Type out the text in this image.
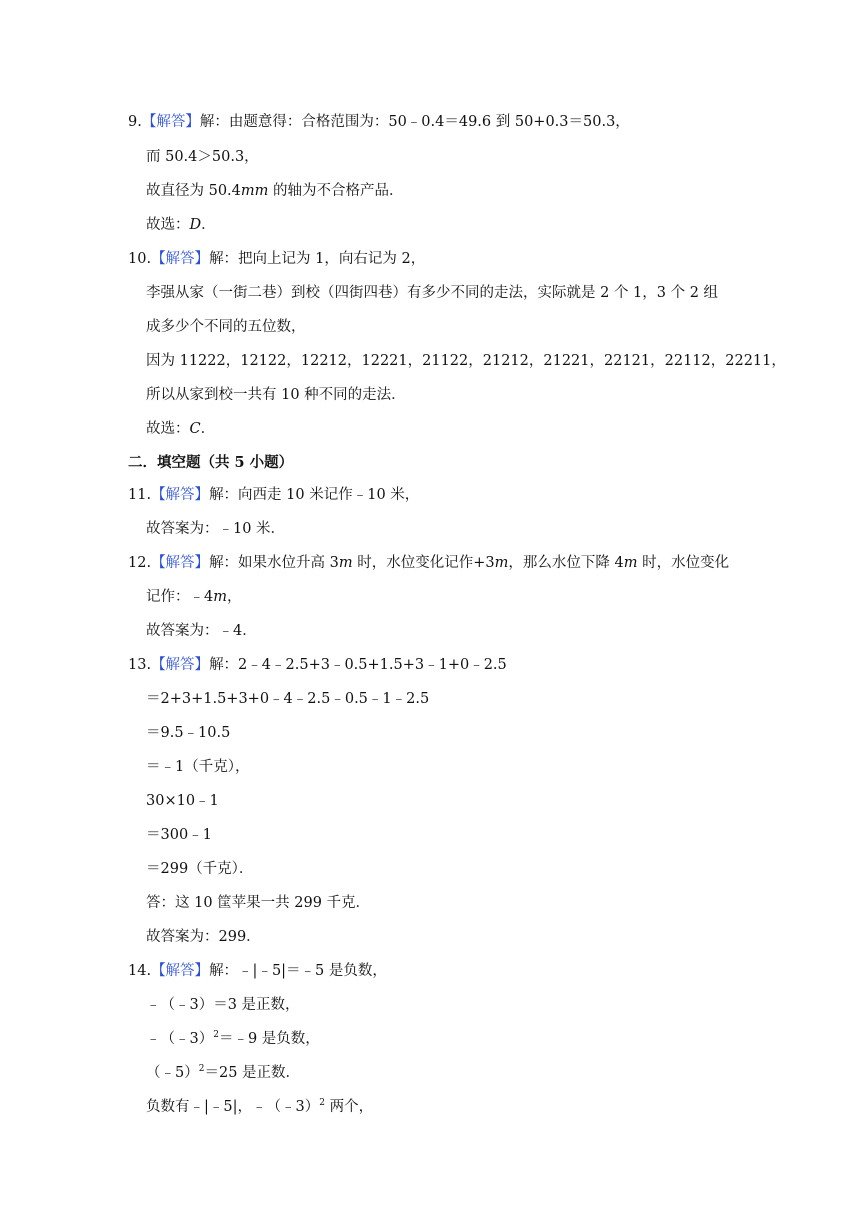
9.【解答】解：由题意得：合格范围为：50﹣0.4＝49.6 到 50+0.3＝50.3，
而 50.4＞50.3，
故直径为 50.4mm 的轴为不合格产品．
故选：D．
10.【解答】解：把向上记为 1，向右记为 2，
李强从家（一街二巷）到校（四街四巷）有多少不同的走法，实际就是 2 个 1，3 个 2 组
成多少个不同的五位数，
因为 11222，12122，12212，12221，21122，21212，21221，22121，22112，22211，
所以从家到校一共有 10 种不同的走法．
故选：C．
二．填空题（共 5 小题）
11.【解答】解：向西走 10 米记作﹣10 米，
故答案为：﹣10 米．
12.【解答】解：如果水位升高 3m 时，水位变化记作+3m，那么水位下降 4m 时，水位变化
记作：﹣4m，
故答案为：﹣4．
13.【解答】解：2﹣4﹣2.5+3﹣0.5+1.5+3﹣1+0﹣2.5
＝2+3+1.5+3+0﹣4﹣2.5﹣0.5﹣1﹣2.5
＝9.5﹣10.5
＝﹣1（千克），
30×10﹣1
＝300﹣1
＝299（千克）．
答：这 10 筐苹果一共 299 千克．
故答案为：299．
14.【解答】解：﹣|﹣5|＝﹣5 是负数，
﹣（﹣3）＝3 是正数，
﹣（﹣3）$^2$＝﹣9 是负数，
（﹣5）$^2$＝25 是正数．
负数有﹣|﹣5|，﹣（﹣3）$^2$ 两个，
